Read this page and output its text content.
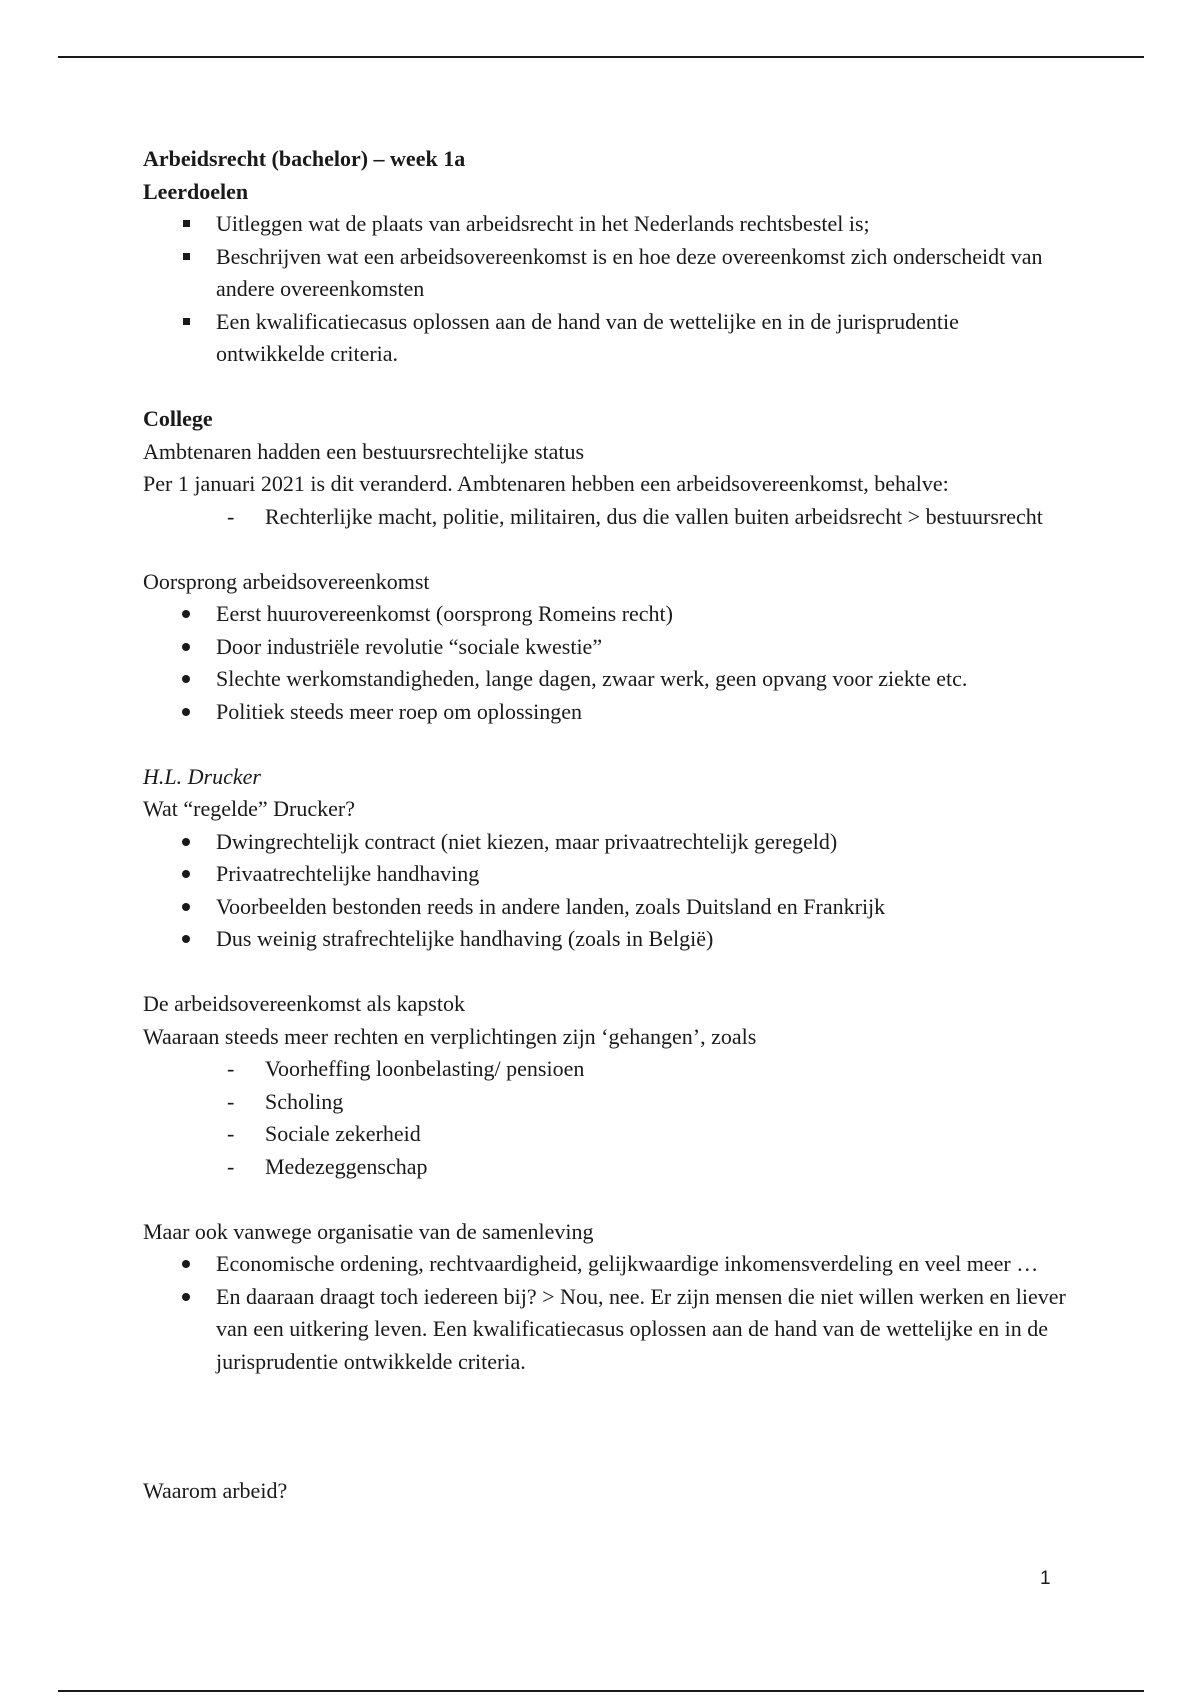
Arbeidsrecht (bachelor) – week 1a

Leerdoelen

Uitleggen wat de plaats van arbeidsrecht in het Nederlands rechtsbestel is;
Beschrijven wat een arbeidsovereenkomst is en hoe deze overeenkomst zich onderscheidt van andere overeenkomsten
Een kwalificatiecasus oplossen aan de hand van de wettelijke en in de jurisprudentie ontwikkelde criteria.

College

Ambtenaren hadden een bestuursrechtelijke status

Per 1 januari 2021 is dit veranderd. Ambtenaren hebben een arbeidsovereenkomst, behalve:

- Rechterlijke macht, politie, militairen, dus die vallen buiten arbeidsrecht > bestuursrecht

Oorsprong arbeidsovereenkomst

Eerst huurovereenkomst (oorsprong Romeins recht)
Door industriële revolutie “sociale kwestie”
Slechte werkomstandigheden, lange dagen, zwaar werk, geen opvang voor ziekte etc.
Politiek steeds meer roep om oplossingen

H.L. Drucker

Wat “regelde” Drucker?

Dwingrechtelijk contract (niet kiezen, maar privaatrechtelijk geregeld)
Privaatrechtelijke handhaving
Voorbeelden bestonden reeds in andere landen, zoals Duitsland en Frankrijk
Dus weinig strafrechtelijke handhaving (zoals in België)

De arbeidsovereenkomst als kapstok

Waaraan steeds meer rechten en verplichtingen zijn ‘gehangen’, zoals

- Voorheffing loonbelasting/ pensioen
- Scholing
- Sociale zekerheid
- Medezeggenschap

Maar ook vanwege organisatie van de samenleving

Economische ordening, rechtvaardigheid, gelijkwaardige inkomensverdeling en veel meer …
En daaraan draagt toch iedereen bij? > Nou, nee. Er zijn mensen die niet willen werken en liever van een uitkering leven. Een kwalificatiecasus oplossen aan de hand van de wettelijke en in de jurisprudentie ontwikkelde criteria.

Waarom arbeid?

1
